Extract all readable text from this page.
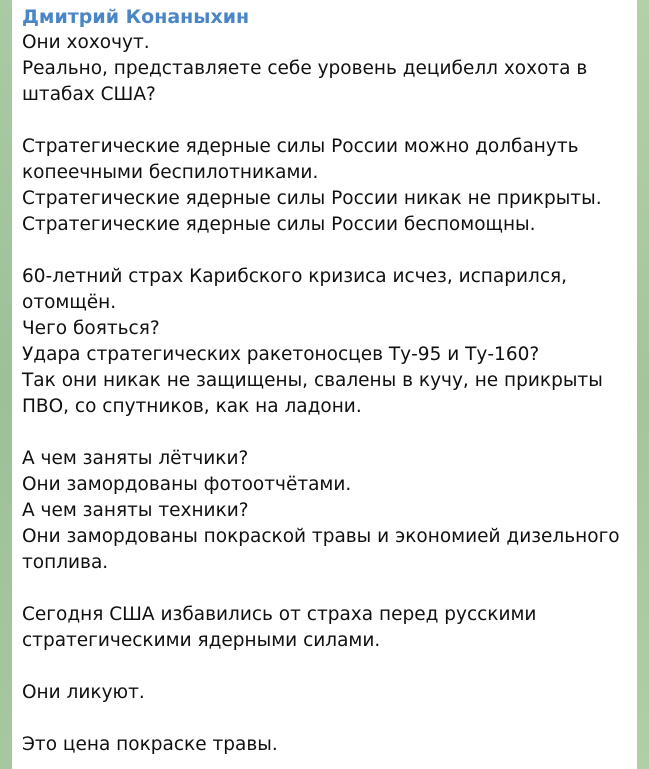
Дмитрий Конаныхин
Они хохочут.
Реально, представляете себе уровень децибелл хохота в
штабах США?
Стратегические ядерные силы России можно долбануть
копеечными беспилотниками.
Стратегические ядерные силы России никак не прикрыты.
Стратегические ядерные силы России беспомощны.
60-летний страх Карибского кризиса исчез, испарился,
отомщён.
Чего бояться?
Удара стратегических ракетоносцев Ту-95 и Ту-160?
Так они никак не защищены, свалены в кучу, не прикрыты
ПВО, со спутников, как на ладони.
А чем заняты лётчики?
Они замордованы фотоотчётами.
А чем заняты техники?
Они замордованы покраской травы и экономией дизельного
топлива.
Сегодня США избавились от страха перед русскими
стратегическими ядерными силами.
Они ликуют.
Это цена покраске травы.
